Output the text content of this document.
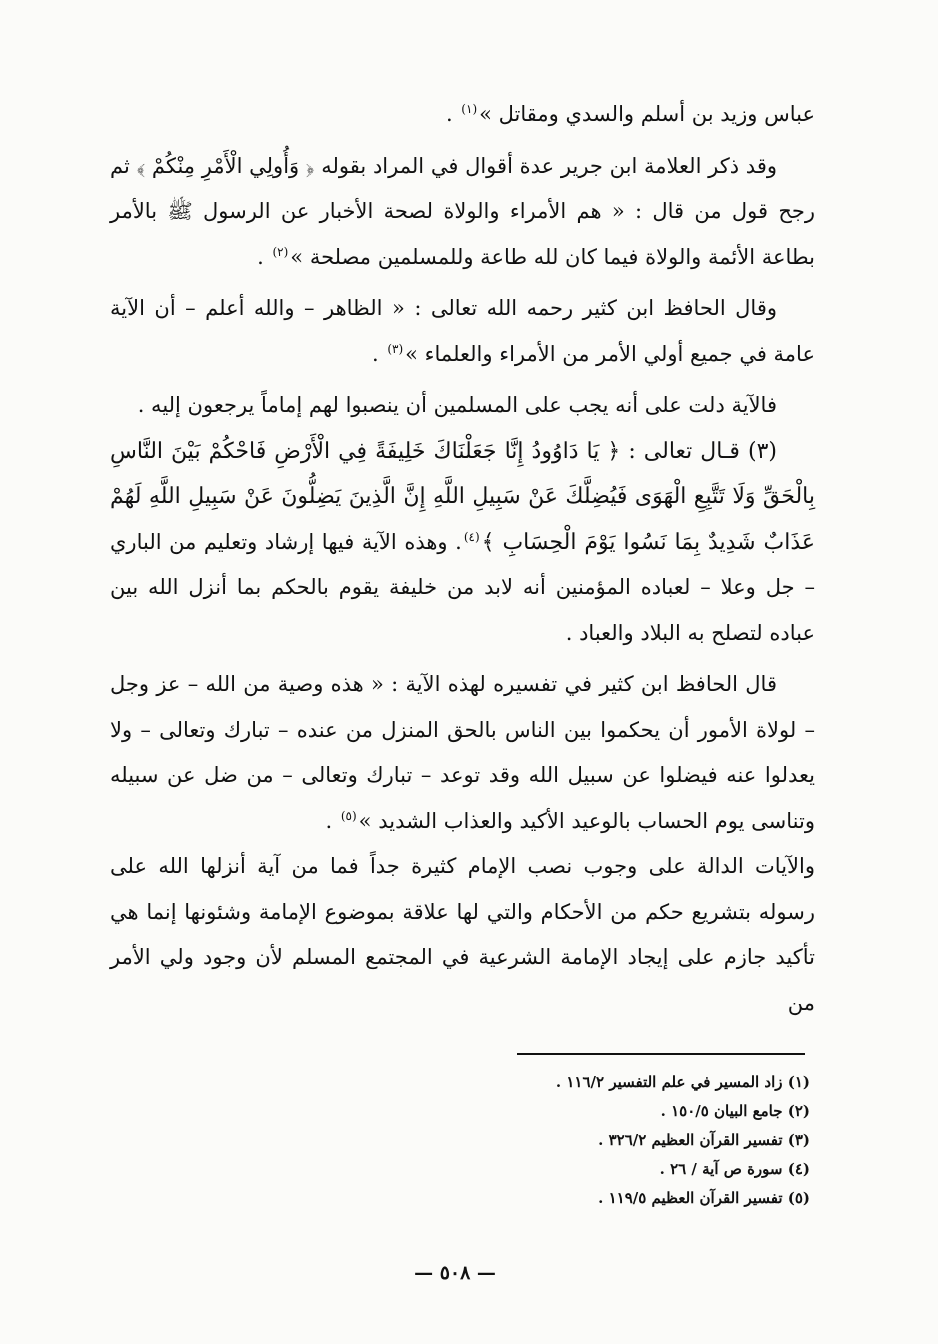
عباس وزيد بن أسلم والسدي ومقاتل »$^{(١)}$ .

وقد ذكر العلامة ابن جرير عدة أقوال في المراد بقوله ﴿ وَأُولِي الْأَمْرِ مِنْكُمْ ﴾ ثم رجح قول من قال : « هم الأمراء والولاة لصحة الأخبار عن الرسول ﷺ بالأمر بطاعة الأئمة والولاة فيما كان لله طاعة وللمسلمين مصلحة »$^{(٢)}$ .

وقال الحافظ ابن كثير رحمه الله تعالى : « الظاهر – والله أعلم – أن الآية عامة في جميع أولي الأمر من الأمراء والعلماء »$^{(٣)}$ .

فالآية دلت على أنه يجب على المسلمين أن ينصبوا لهم إماماً يرجعون إليه .

(٣) قـال تعالى : ﴿ يَا دَاوُودُ إِنَّا جَعَلْنَاكَ خَلِيفَةً فِي الْأَرْضِ فَاحْكُمْ بَيْنَ النَّاسِ بِالْحَقِّ وَلَا تَتَّبِعِ الْهَوَى فَيُضِلَّكَ عَنْ سَبِيلِ اللَّهِ إِنَّ الَّذِينَ يَضِلُّونَ عَنْ سَبِيلِ اللَّهِ لَهُمْ عَذَابٌ شَدِيدٌ بِمَا نَسُوا يَوْمَ الْحِسَابِ ﴾$^{(٤)}$. وهذه الآية فيها إرشاد وتعليم من الباري – جل وعلا – لعباده المؤمنين أنه لابد من خليفة يقوم بالحكم بما أنزل الله بين عباده لتصلح به البلاد والعباد .

قال الحافظ ابن كثير في تفسيره لهذه الآية : « هذه وصية من الله – عز وجل – لولاة الأمور أن يحكموا بين الناس بالحق المنزل من عنده – تبارك وتعالى – ولا يعدلوا عنه فيضلوا عن سبيل الله وقد توعد – تبارك وتعالى – من ضل عن سبيله وتناسى يوم الحساب بالوعيد الأكيد والعذاب الشديد »$^{(٥)}$ .

والآيات الدالة على وجوب نصب الإمام كثيرة جداً فما من آية أنزلها الله على رسوله بتشريع حكم من الأحكام والتي لها علاقة بموضوع الإمامة وشئونها إنما هي تأكيد جازم على إيجاد الإمامة الشرعية في المجتمع المسلم لأن وجود ولي الأمر من

(١) زاد المسير في علم التفسير ١١٦/٢ .
(٢) جامع البيان ١٥٠/٥ .
(٣) تفسير القرآن العظيم ٣٢٦/٢ .
(٤) سورة ص آية / ٢٦ .
(٥) تفسير القرآن العظيم ١١٩/٥ .
— ٥٠٨ —
